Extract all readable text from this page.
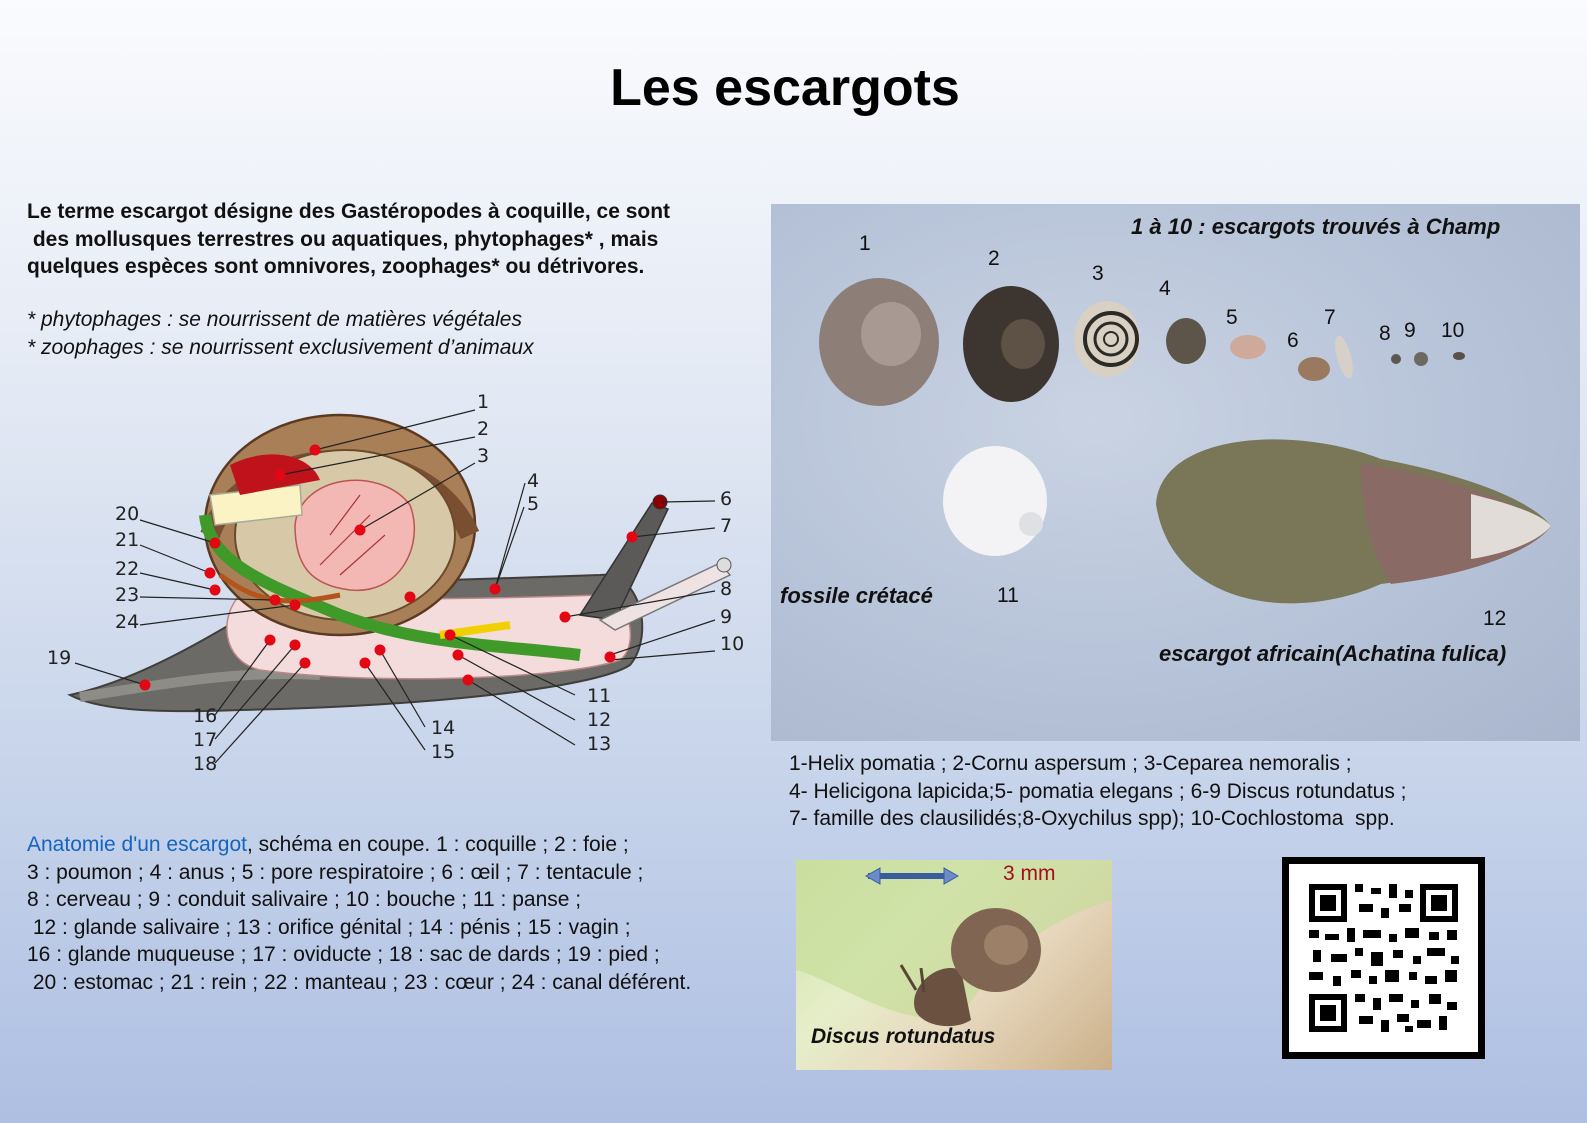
Les escargots
Le terme escargot désigne des Gastéropodes à coquille, ce sont
des mollusques terrestres ou aquatiques, phytophages* , mais
quelques espèces sont omnivores, zoophages* ou détrivores.
* phytophages : se nourrissent de matières végétales
* zoophages : se nourrissent exclusivement d’animaux
1
2
3
4
5	6
7
8
9
10
11
12
13
14
15
16
17
18
19
20
21
22
23
24
Anatomie d'un escargot, schéma en coupe. 1 : coquille ; 2 : foie ;
3 : poumon ; 4 : anus ; 5 : pore respiratoire ; 6 : œil ; 7 : tentacule ;
8 : cerveau ; 9 : conduit salivaire ; 10 : bouche ; 11 : panse ;
12 : glande salivaire ; 13 : orifice génital ; 14 : pénis ; 15 : vagin ;
16 : glande muqueuse ; 17 : oviducte ; 18 : sac de dards ; 19 : pied ;
20 : estomac ; 21 : rein ; 22 : manteau ; 23 : cœur ; 24 : canal déférent.
1 à 10 : escargots trouvés à Champ
1
2
3
4
5
6
7
8 9 10
11
12
fossile crétacé
escargot africain(Achatina fulica)
1-Helix pomatia ; 2-Cornu aspersum ; 3-Ceparea nemoralis ;
4- Helicigona lapicida;5- pomatia elegans ; 6-9 Discus rotundatus ;
7- famille des clausilidés;8-Oxychilus spp); 10-Cochlostoma  spp.
3 mm
Discus rotundatus
